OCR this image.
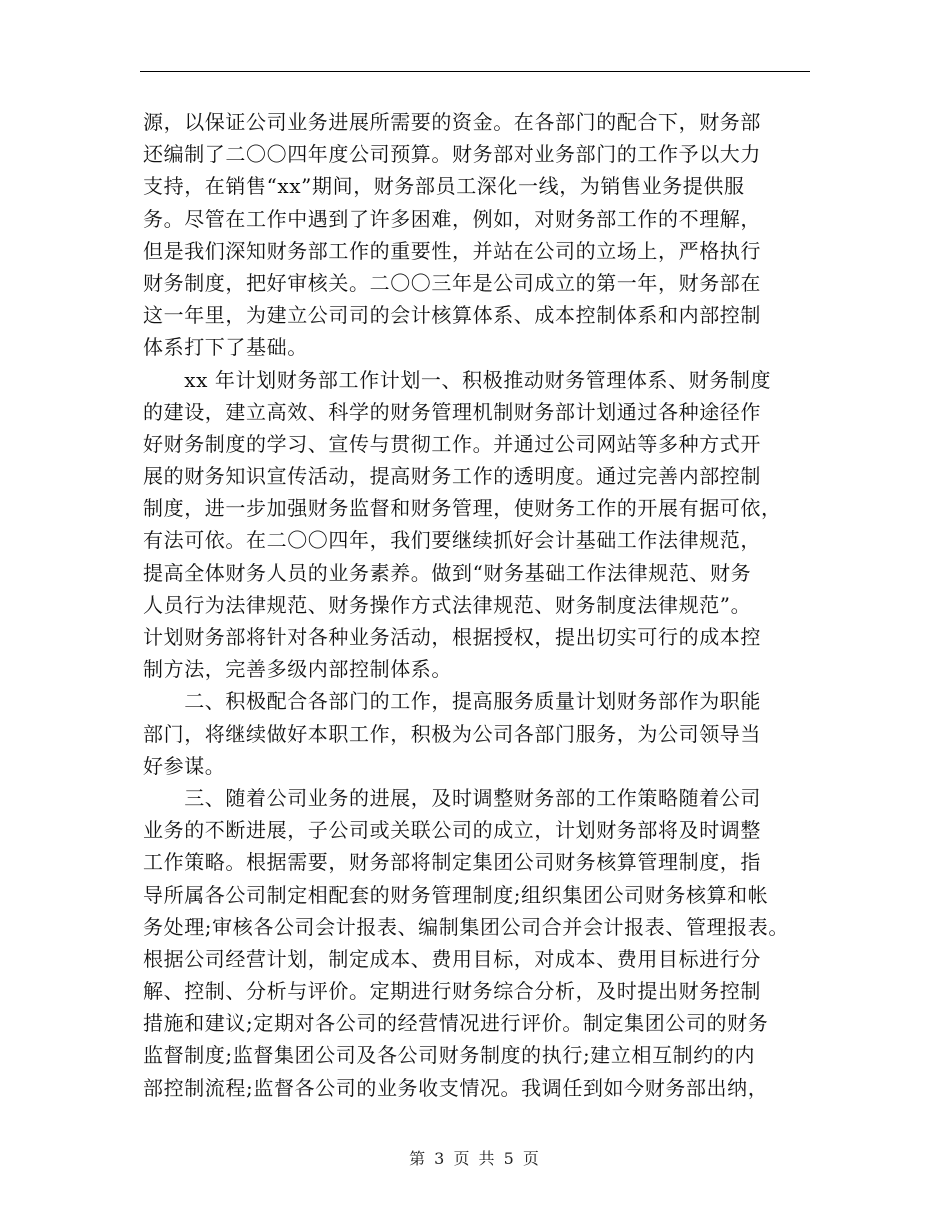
源，以保证公司业务进展所需要的资金。在各部门的配合下，财务部
还编制了二〇〇四年度公司预算。财务部对业务部门的工作予以大力
支持，在销售“xx”期间，财务部员工深化一线，为销售业务提供服
务。尽管在工作中遇到了许多困难，例如，对财务部工作的不理解，
但是我们深知财务部工作的重要性，并站在公司的立场上，严格执行
财务制度，把好审核关。二〇〇三年是公司成立的第一年，财务部在
这一年里，为建立公司司的会计核算体系、成本控制体系和内部控制
体系打下了基础。
　　xx 年计划财务部工作计划一、积极推动财务管理体系、财务制度
的建设，建立高效、科学的财务管理机制财务部计划通过各种途径作
好财务制度的学习、宣传与贯彻工作。并通过公司网站等多种方式开
展的财务知识宣传活动，提高财务工作的透明度。通过完善内部控制
制度，进一步加强财务监督和财务管理，使财务工作的开展有据可依，
有法可依。在二〇〇四年，我们要继续抓好会计基础工作法律规范，
提高全体财务人员的业务素养。做到“财务基础工作法律规范、财务
人员行为法律规范、财务操作方式法律规范、财务制度法律规范”。
计划财务部将针对各种业务活动，根据授权，提出切实可行的成本控
制方法，完善多级内部控制体系。
　　二、积极配合各部门的工作，提高服务质量计划财务部作为职能
部门，将继续做好本职工作，积极为公司各部门服务，为公司领导当
好参谋。
　　三、随着公司业务的进展，及时调整财务部的工作策略随着公司
业务的不断进展，子公司或关联公司的成立，计划财务部将及时调整
工作策略。根据需要，财务部将制定集团公司财务核算管理制度，指
导所属各公司制定相配套的财务管理制度;组织集团公司财务核算和帐
务处理;审核各公司会计报表、编制集团公司合并会计报表、管理报表。
根据公司经营计划，制定成本、费用目标，对成本、费用目标进行分
解、控制、分析与评价。定期进行财务综合分析，及时提出财务控制
措施和建议;定期对各公司的经营情况进行评价。制定集团公司的财务
监督制度;监督集团公司及各公司财务制度的执行;建立相互制约的内
部控制流程;监督各公司的业务收支情况。我调任到如今财务部出纳，
第 3 页 共 5 页
